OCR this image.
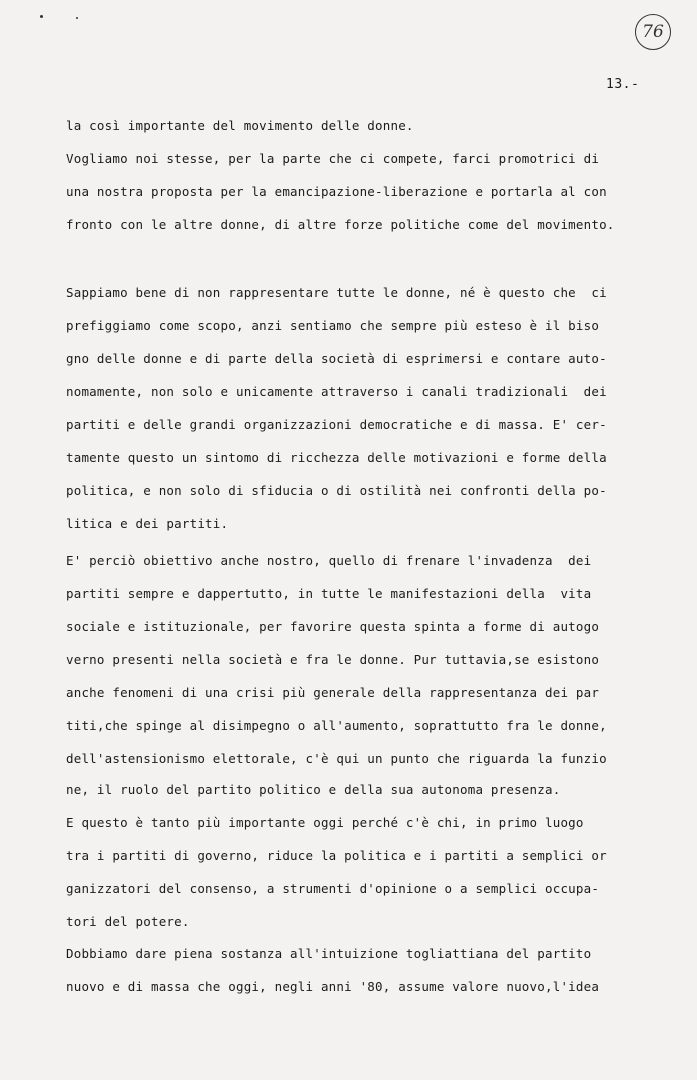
76
13.-
la così importante del movimento delle donne.
Vogliamo noi stesse, per la parte che ci compete, farci promotrici di
una nostra proposta per la emancipazione-liberazione e portarla al con
fronto con le altre donne, di altre forze politiche come del movimento.
Sappiamo bene di non rappresentare tutte le donne, né è questo che  ci
prefiggiamo come scopo, anzi sentiamo che sempre più esteso è il biso
gno delle donne e di parte della società di esprimersi e contare auto-
nomamente, non solo e unicamente attraverso i canali tradizionali  dei
partiti e delle grandi organizzazioni democratiche e di massa. E' cer-
tamente questo un sintomo di ricchezza delle motivazioni e forme della
politica, e non solo di sfiducia o di ostilità nei confronti della po-
litica e dei partiti.
E' perciò obiettivo anche nostro, quello di frenare l'invadenza  dei
partiti sempre e dappertutto, in tutte le manifestazioni della  vita
sociale e istituzionale, per favorire questa spinta a forme di autogo
verno presenti nella società e fra le donne. Pur tuttavia,se esistono
anche fenomeni di una crisi più generale della rappresentanza dei par
titi,che spinge al disimpegno o all'aumento, soprattutto fra le donne,
dell'astensionismo elettorale, c'è qui un punto che riguarda la funzio
ne, il ruolo del partito politico e della sua autonoma presenza.
E questo è tanto più importante oggi perché c'è chi, in primo luogo
tra i partiti di governo, riduce la politica e i partiti a semplici or
ganizzatori del consenso, a strumenti d'opinione o a semplici occupa-
tori del potere.
Dobbiamo dare piena sostanza all'intuizione togliattiana del partito
nuovo e di massa che oggi, negli anni '80, assume valore nuovo,l'idea
